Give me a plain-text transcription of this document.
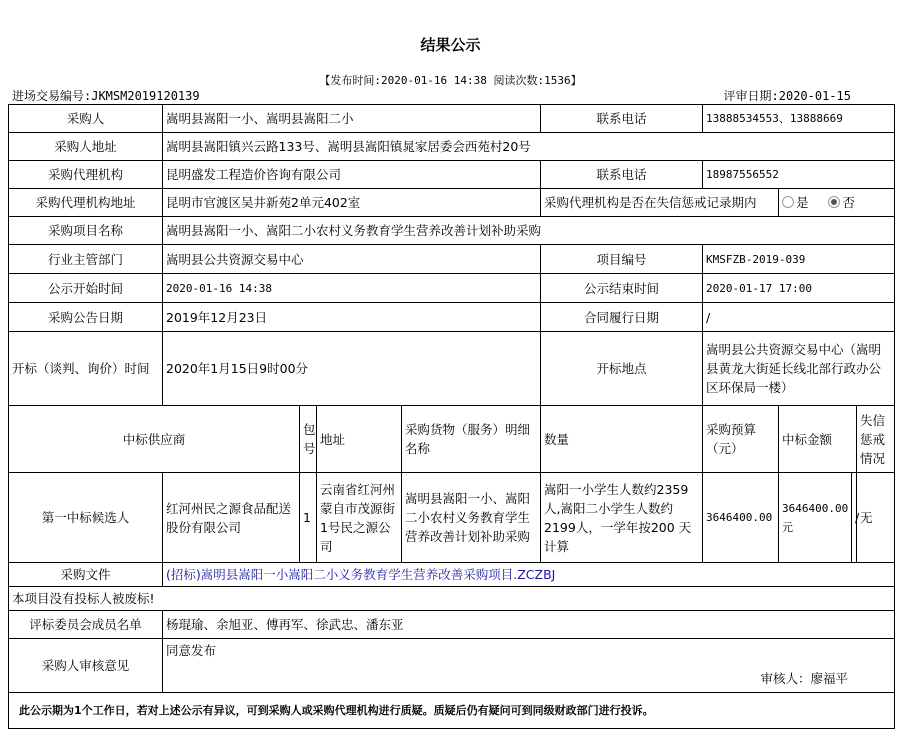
结果公示
【发布时间:2020-01-16 14:38 阅读次数:1536】
进场交易编号:JKMSM2019120139	评审日期:2020-01-15
采购人	嵩明县嵩阳一小、嵩明县嵩阳二小				联系电话	13888534553、13888669			
采购人地址	嵩明县嵩阳镇兴云路133号、嵩明县嵩阳镇晁家居委会西苑村20号								
采购代理机构	昆明盛发工程造价咨询有限公司				联系电话	18987556552			
采购代理机构地址	昆明市官渡区吴井新苑2单元402室				采购代理机构是否在失信惩戒记录期内		是 否		
采购项目名称	嵩明县嵩阳一小、嵩阳二小农村义务教育学生营养改善计划补助采购								
行业主管部门	嵩明县公共资源交易中心				项目编号	KMSFZB-2019-039			
公示开始时间	2020-01-16 14:38				公示结束时间	2020-01-17 17:00			
采购公告日期	2019年12月23日				合同履行日期	/			
开标（谈判、询价）时间	2020年1月15日9时00分				开标地点	嵩明县公共资源交易中心（嵩明县黄龙大街延长线北部行政办公区环保局一楼）			
中标供应商		包号	地址	采购货物（服务）明细名称	数量	采购预算（元）	中标金额		失信惩戒情况
第一中标候选人	红河州民之源食品配送股份有限公司	1	云南省红河州蒙自市茂源街1号民之源公司	嵩明县嵩阳一小、嵩阳二小农村义务教育学生营养改善计划补助采购	嵩阳一小学生人数约2359人,嵩阳二小学生人数约2199人，一学年按200 天计算	3646400.00	3646400.00元	/	无
采购文件	(招标)嵩明县嵩阳一小嵩阳二小义务教育学生营养改善采购项目.ZCZBJ								
本项目没有投标人被废标!									
评标委员会成员名单	杨琨瑜、余旭亚、傅再军、徐武忠、潘东亚								
采购人审核意见	同意发布
审核人：廖福平								

此公示期为1个工作日，若对上述公示有异议，可到采购人或采购代理机构进行质疑。质疑后仍有疑问可到同级财政部门进行投诉。									
